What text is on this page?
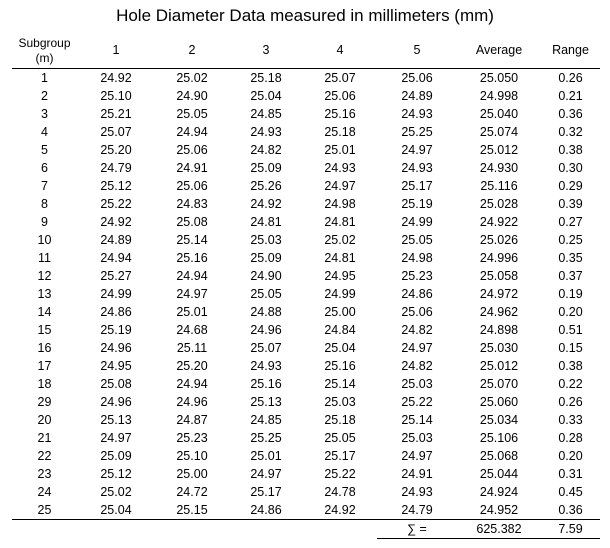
Hole Diameter Data measured in millimeters (mm)
Subgroup (m)	1	2	3	4	5	Average	Range
1	24.92	25.02	25.18	25.07	25.06	25.050	0.26
2	25.10	24.90	25.04	25.06	24.89	24.998	0.21
3	25.21	25.05	24.85	25.16	24.93	25.040	0.36
4	25.07	24.94	24.93	25.18	25.25	25.074	0.32
5	25.20	25.06	24.82	25.01	24.97	25.012	0.38
6	24.79	24.91	25.09	24.93	24.93	24.930	0.30
7	25.12	25.06	25.26	24.97	25.17	25.116	0.29
8	25.22	24.83	24.92	24.98	25.19	25.028	0.39
9	24.92	25.08	24.81	24.81	24.99	24.922	0.27
10	24.89	25.14	25.03	25.02	25.05	25.026	0.25
11	24.94	25.16	25.09	24.81	24.98	24.996	0.35
12	25.27	24.94	24.90	24.95	25.23	25.058	0.37
13	24.99	24.97	25.05	24.99	24.86	24.972	0.19
14	24.86	25.01	24.88	25.00	25.06	24.962	0.20
15	25.19	24.68	24.96	24.84	24.82	24.898	0.51
16	24.96	25.11	25.07	25.04	24.97	25.030	0.15
17	24.95	25.20	24.93	25.16	24.82	25.012	0.38
18	25.08	24.94	25.16	25.14	25.03	25.070	0.22
29	24.96	24.96	25.13	25.03	25.22	25.060	0.26
20	25.13	24.87	24.85	25.18	25.14	25.034	0.33
21	24.97	25.23	25.25	25.05	25.03	25.106	0.28
22	25.09	25.10	25.01	25.17	24.97	25.068	0.20
23	25.12	25.00	24.97	25.22	24.91	25.044	0.31
24	25.02	24.72	25.17	24.78	24.93	24.924	0.45
25	25.04	25.15	24.86	24.92	24.79	24.952	0.36
					∑ =	625.382	7.59
